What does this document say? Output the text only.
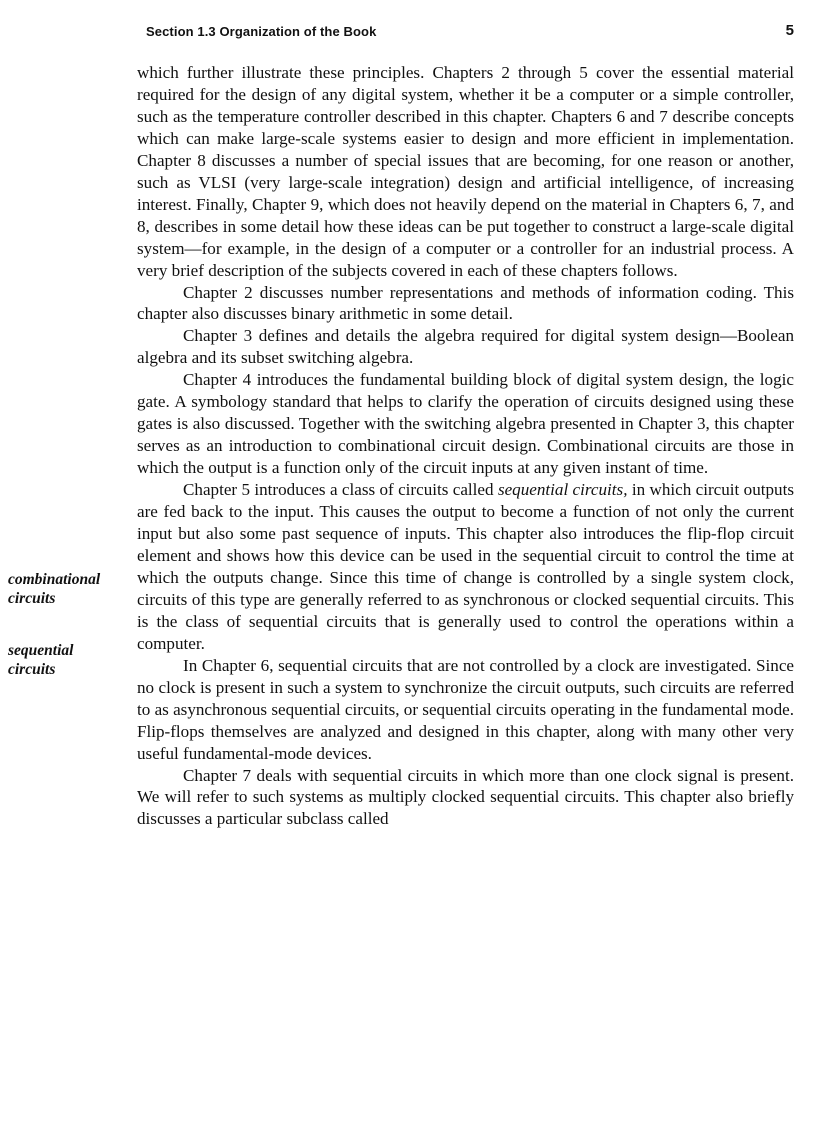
Section 1.3 Organization of the Book	5
combinational
circuits
sequential
circuits

which further illustrate these principles. Chapters 2 through 5 cover the essential material required for the design of any digital system, whether it be a computer or a simple controller, such as the temperature controller described in this chapter. Chapters 6 and 7 describe concepts which can make large-scale systems easier to design and more efficient in implementation. Chapter 8 discusses a number of special issues that are becoming, for one reason or another, such as VLSI (very large-scale integration) design and artificial intelligence, of increasing interest. Finally, Chapter 9, which does not heavily depend on the material in Chapters 6, 7, and 8, describes in some detail how these ideas can be put together to construct a large-scale digital system—for example, in the design of a computer or a controller for an industrial process. A very brief description of the subjects covered in each of these chapters follows.

Chapter 2 discusses number representations and methods of information coding. This chapter also discusses binary arithmetic in some detail.

Chapter 3 defines and details the algebra required for digital system design—Boolean algebra and its subset switching algebra.

Chapter 4 introduces the fundamental building block of digital system design, the logic gate. A symbology standard that helps to clarify the operation of circuits designed using these gates is also discussed. Together with the switching algebra presented in Chapter 3, this chapter serves as an introduction to combinational circuit design. Combinational circuits are those in which the output is a function only of the circuit inputs at any given instant of time.

Chapter 5 introduces a class of circuits called sequential circuits, in which circuit outputs are fed back to the input. This causes the output to become a function of not only the current input but also some past sequence of inputs. This chapter also introduces the flip-flop circuit element and shows how this device can be used in the sequential circuit to control the time at which the outputs change. Since this time of change is controlled by a single system clock, circuits of this type are generally referred to as synchronous or clocked sequential circuits. This is the class of sequential circuits that is generally used to control the operations within a computer.

In Chapter 6, sequential circuits that are not controlled by a clock are investigated. Since no clock is present in such a system to synchronize the circuit outputs, such circuits are referred to as asynchronous sequential circuits, or sequential circuits operating in the fundamental mode. Flip-flops themselves are analyzed and designed in this chapter, along with many other very useful fundamental-mode devices.

Chapter 7 deals with sequential circuits in which more than one clock signal is present. We will refer to such systems as multiply clocked sequential circuits. This chapter also briefly discusses a particular subclass called
